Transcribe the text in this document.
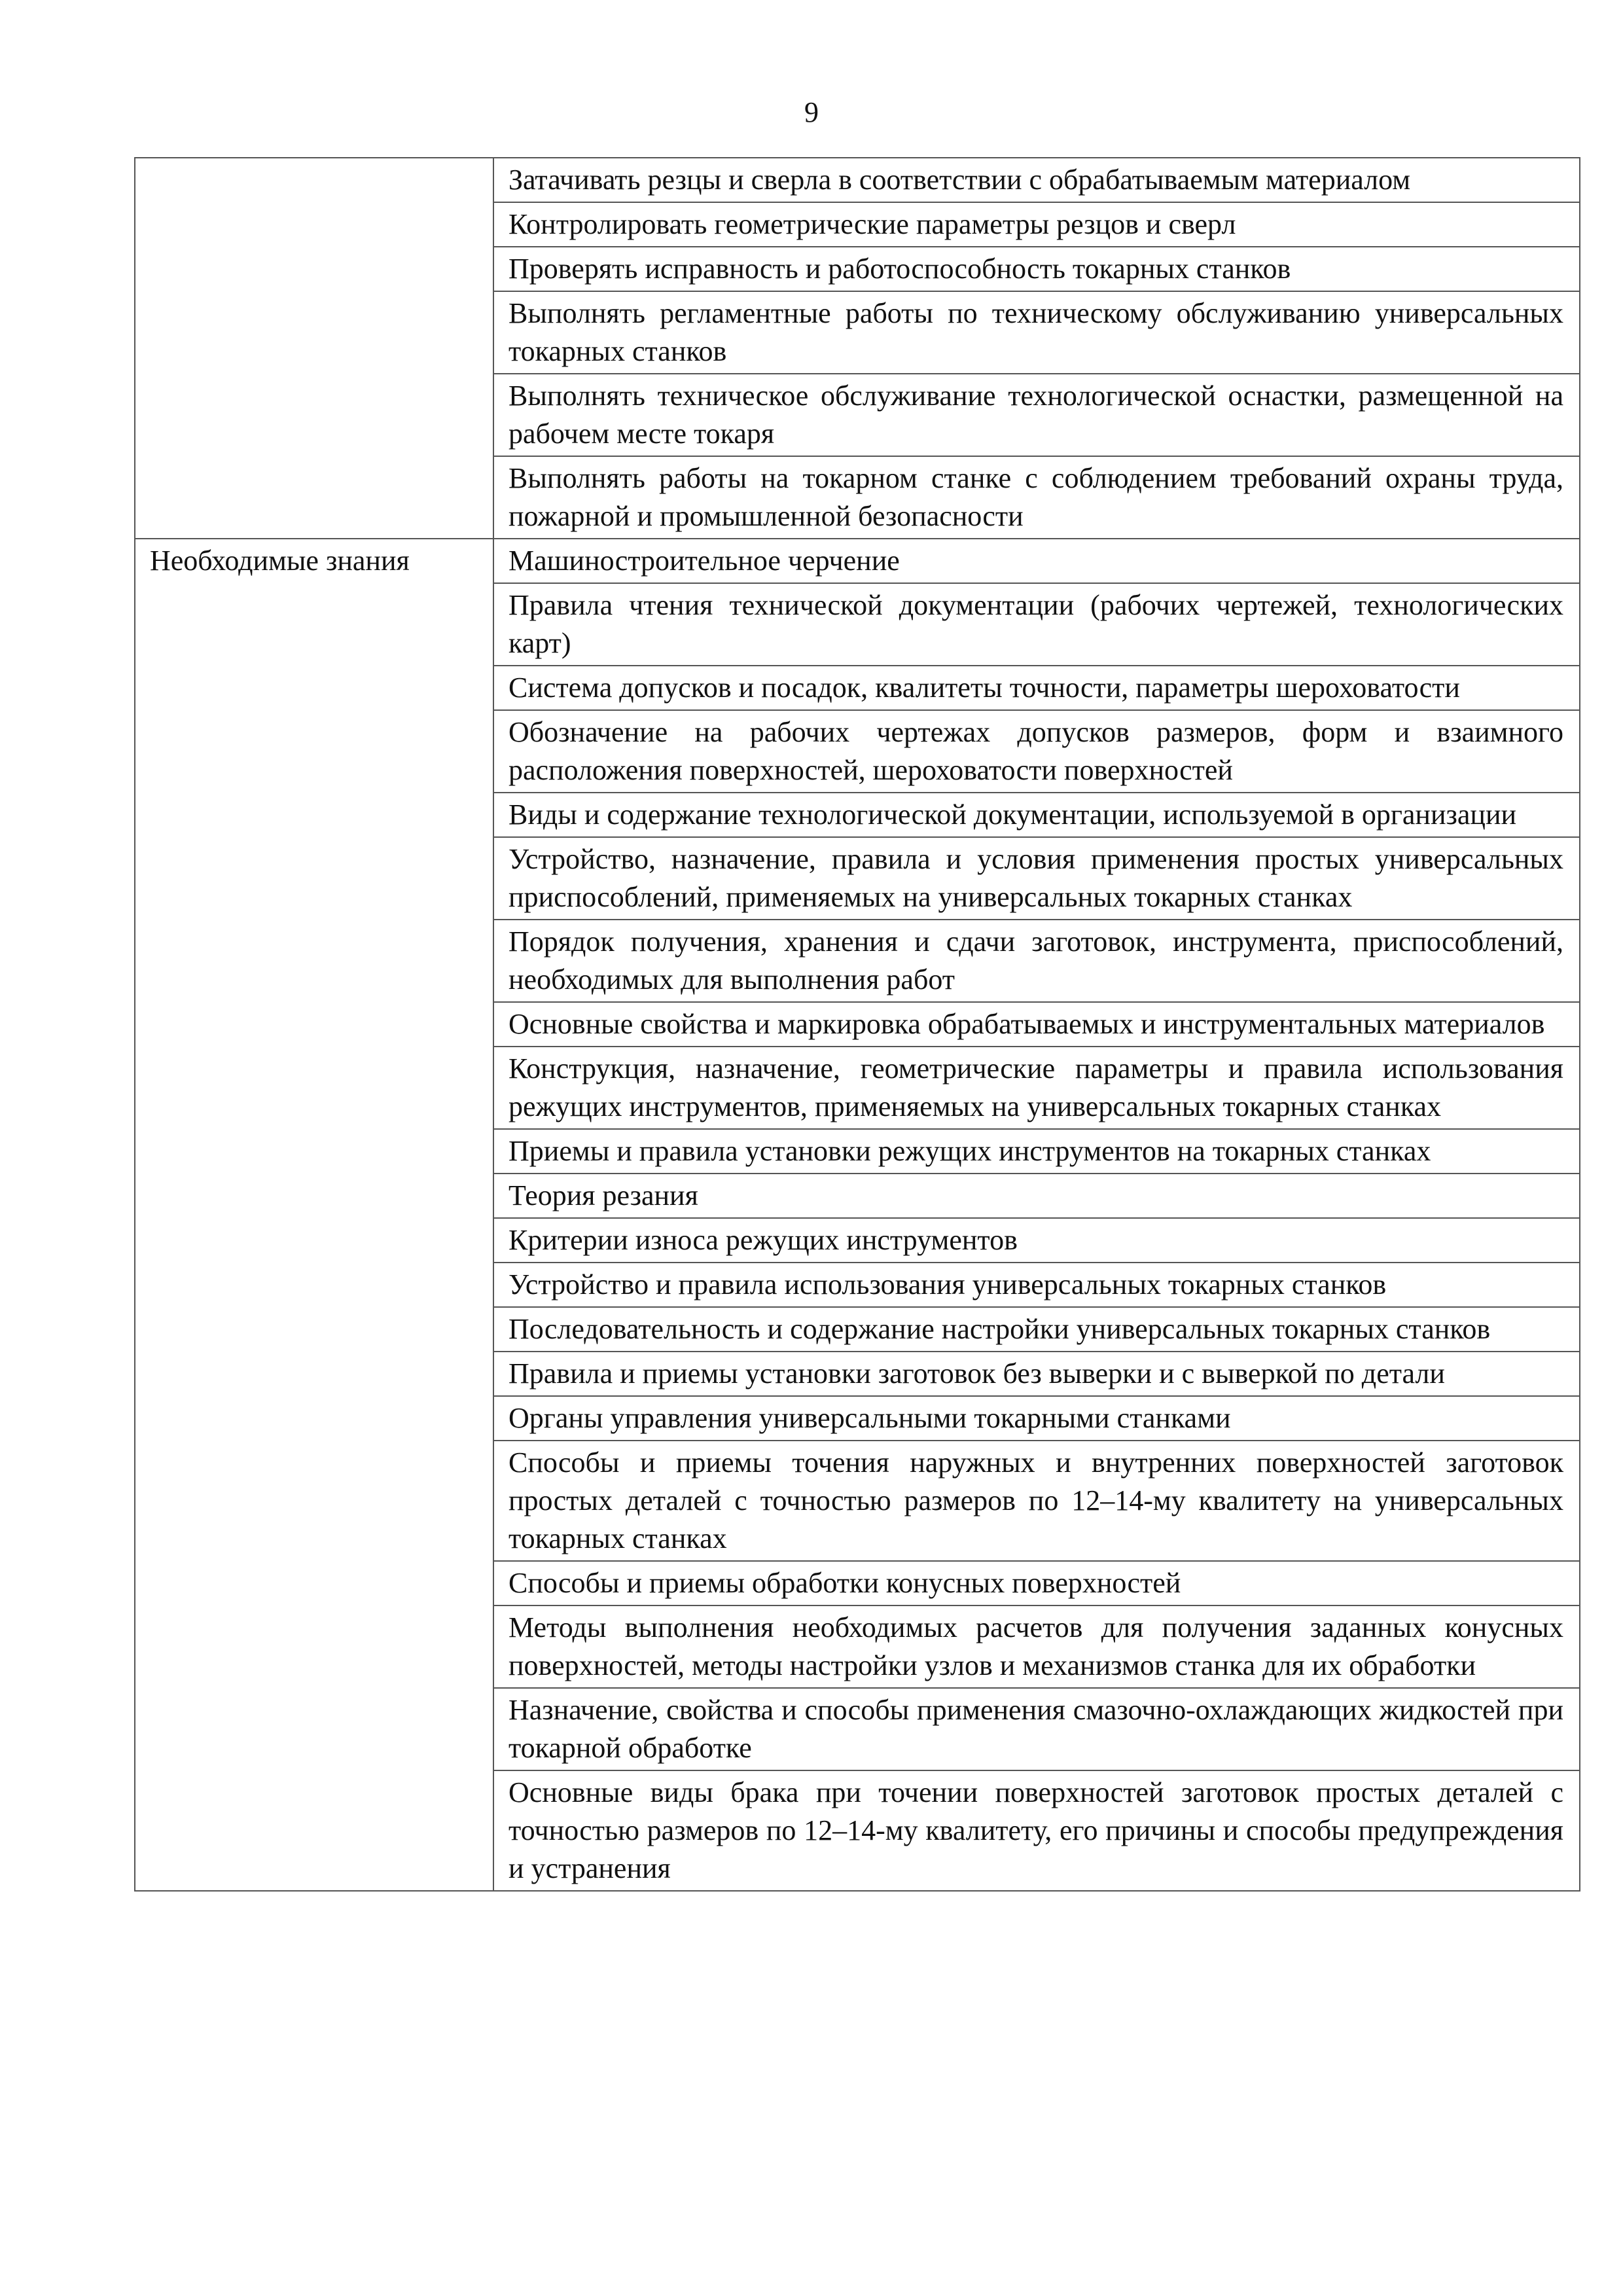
9
	Затачивать резцы и сверла в соответствии с обрабатываемым материалом
	Контролировать геометрические параметры резцов и сверл
	Проверять исправность и работоспособность токарных станков
	Выполнять регламентные работы по техническому обслуживанию универсальных токарных станков
	Выполнять техническое обслуживание технологической оснастки, размещенной на рабочем месте токаря
	Выполнять работы на токарном станке с соблюдением требований охраны труда, пожарной и промышленной безопасности
Необходимые знания	Машиностроительное черчение
	Правила чтения технической документации (рабочих чертежей, технологических карт)
	Система допусков и посадок, квалитеты точности, параметры шероховатости
	Обозначение на рабочих чертежах допусков размеров, форм и взаимного расположения поверхностей, шероховатости поверхностей
	Виды и содержание технологической документации, используемой в организации
	Устройство, назначение, правила и условия применения простых универсальных приспособлений, применяемых на универсальных токарных станках
	Порядок получения, хранения и сдачи заготовок, инструмента, приспособлений, необходимых для выполнения работ
	Основные свойства и маркировка обрабатываемых и инструментальных материалов
	Конструкция, назначение, геометрические параметры и правила использования режущих инструментов, применяемых на универсальных токарных станках
	Приемы и правила установки режущих инструментов на токарных станках
	Теория резания
	Критерии износа режущих инструментов
	Устройство и правила использования универсальных токарных станков
	Последовательность и содержание настройки универсальных токарных станков
	Правила и приемы установки заготовок без выверки и с выверкой по детали
	Органы управления универсальными токарными станками
	Способы и приемы точения наружных и внутренних поверхностей заготовок простых деталей с точностью размеров по 12–14-му квалитету на универсальных токарных станках
	Способы и приемы обработки конусных поверхностей
	Методы выполнения необходимых расчетов для получения заданных конусных поверхностей, методы настройки узлов и механизмов станка для их обработки
	Назначение, свойства и способы применения смазочно-охлаждающих жидкостей при токарной обработке
	Основные виды брака при точении поверхностей заготовок простых деталей с точностью размеров по 12–14-му квалитету, его причины и способы предупреждения и устранения
